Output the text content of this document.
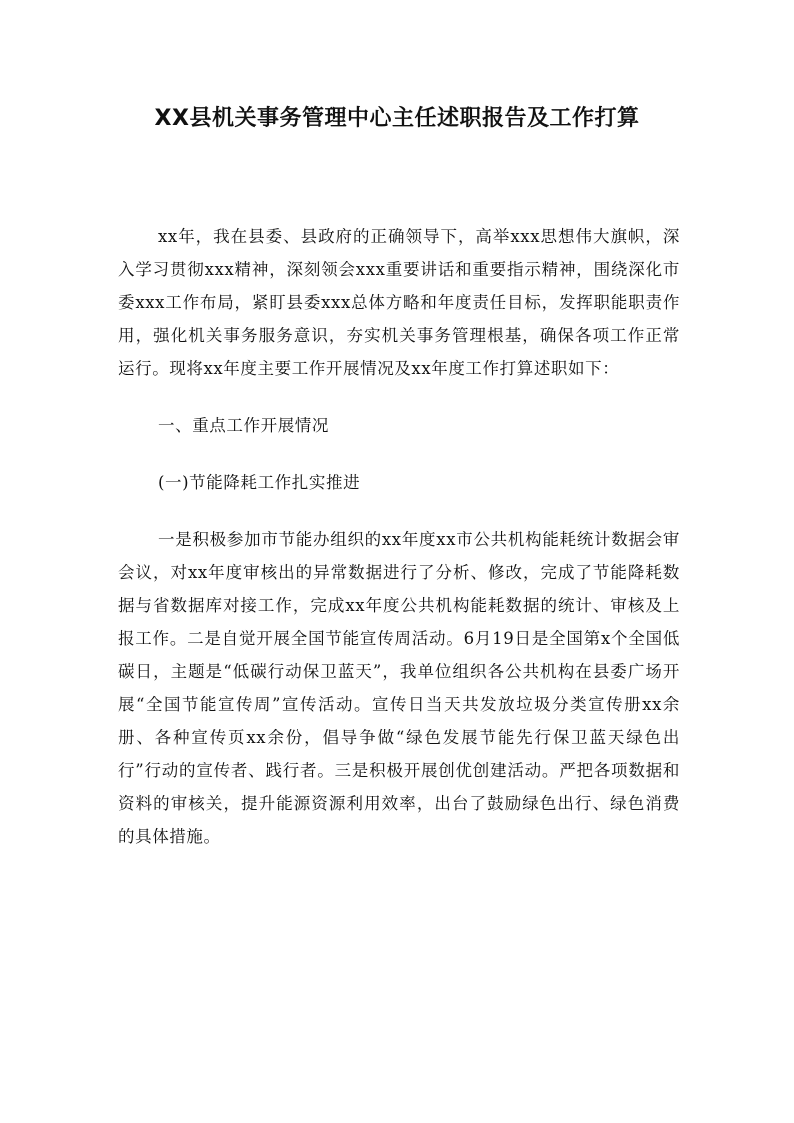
XX县机关事务管理中心主任述职报告及工作打算

xx年，我在县委、县政府的正确领导下，高举xxx思想伟大旗帜，深入学习贯彻xxx精神，深刻领会xxx重要讲话和重要指示精神，围绕深化市委xxx工作布局，紧盯县委xxx总体方略和年度责任目标，发挥职能职责作用，强化机关事务服务意识，夯实机关事务管理根基，确保各项工作正常运行。现将xx年度主要工作开展情况及xx年度工作打算述职如下：

一、重点工作开展情况

(一)节能降耗工作扎实推进

一是积极参加市节能办组织的xx年度xx市公共机构能耗统计数据会审会议，对xx年度审核出的异常数据进行了分析、修改，完成了节能降耗数据与省数据库对接工作，完成xx年度公共机构能耗数据的统计、审核及上报工作。二是自觉开展全国节能宣传周活动。6月19日是全国第x个全国低碳日，主题是“低碳行动保卫蓝天”，我单位组织各公共机构在县委广场开展“全国节能宣传周”宣传活动。宣传日当天共发放垃圾分类宣传册xx余册、各种宣传页xx余份，倡导争做“绿色发展节能先行保卫蓝天绿色出行”行动的宣传者、践行者。三是积极开展创优创建活动。严把各项数据和资料的审核关，提升能源资源利用效率，出台了鼓励绿色出行、绿色消费的具体措施。
